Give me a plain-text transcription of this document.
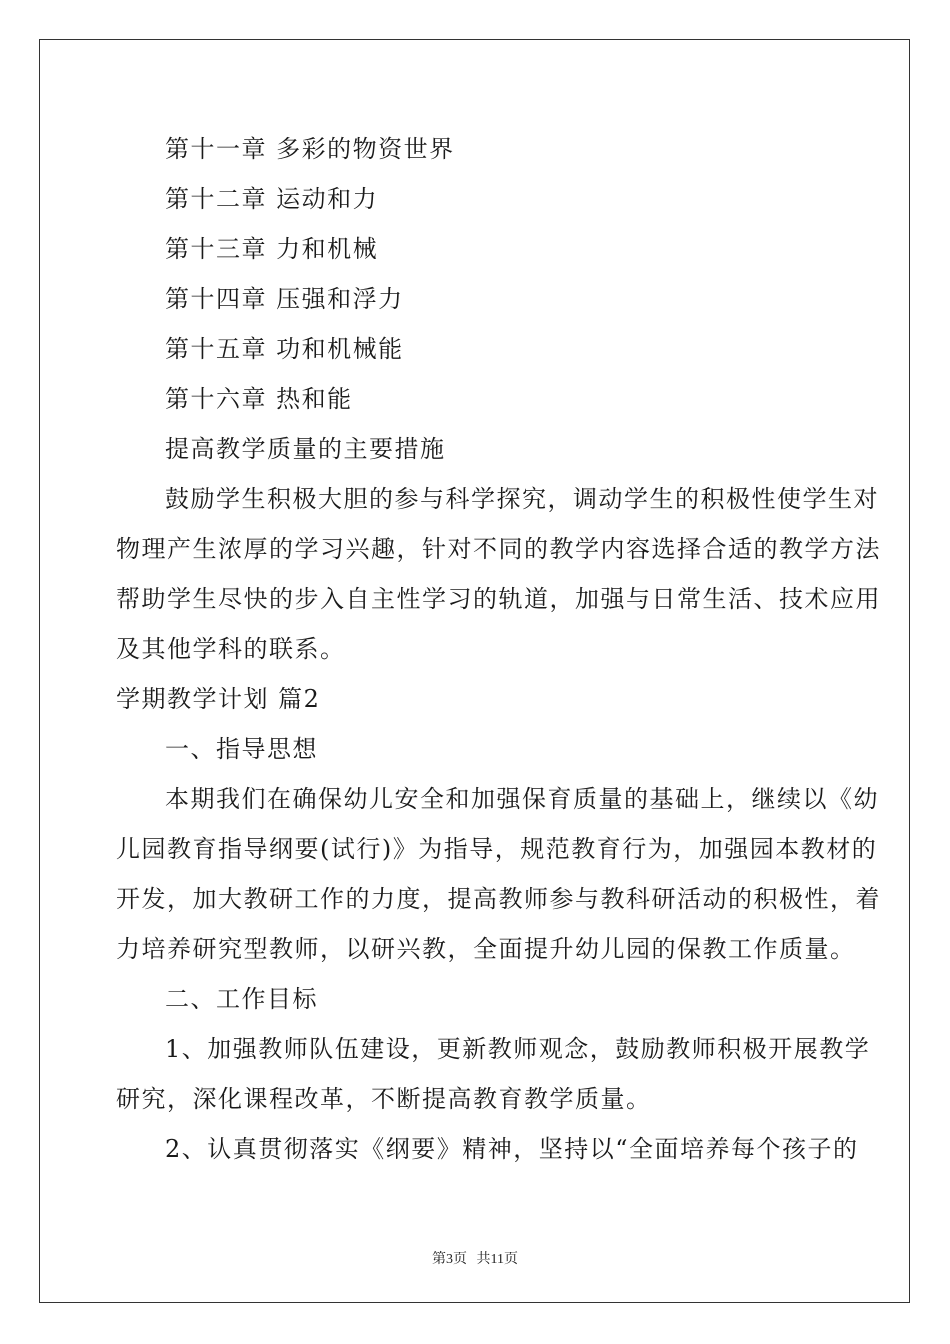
第十一章 多彩的物资世界

第十二章 运动和力

第十三章 力和机械

第十四章 压强和浮力

第十五章 功和机械能

第十六章 热和能

提高教学质量的主要措施

鼓励学生积极大胆的参与科学探究，调动学生的积极性使学生对

物理产生浓厚的学习兴趣，针对不同的教学内容选择合适的教学方法

帮助学生尽快的步入自主性学习的轨道，加强与日常生活、技术应用

及其他学科的联系。

学期教学计划 篇2

一、指导思想

本期我们在确保幼儿安全和加强保育质量的基础上，继续以《幼

儿园教育指导纲要(试行)》为指导，规范教育行为，加强园本教材的

开发，加大教研工作的力度，提高教师参与教科研活动的积极性，着

力培养研究型教师，以研兴教，全面提升幼儿园的保教工作质量。

二、工作目标

1、加强教师队伍建设，更新教师观念，鼓励教师积极开展教学

研究，深化课程改革，不断提高教育教学质量。

2、认真贯彻落实《纲要》精神，坚持以“全面培养每个孩子的

第3页 共11页
